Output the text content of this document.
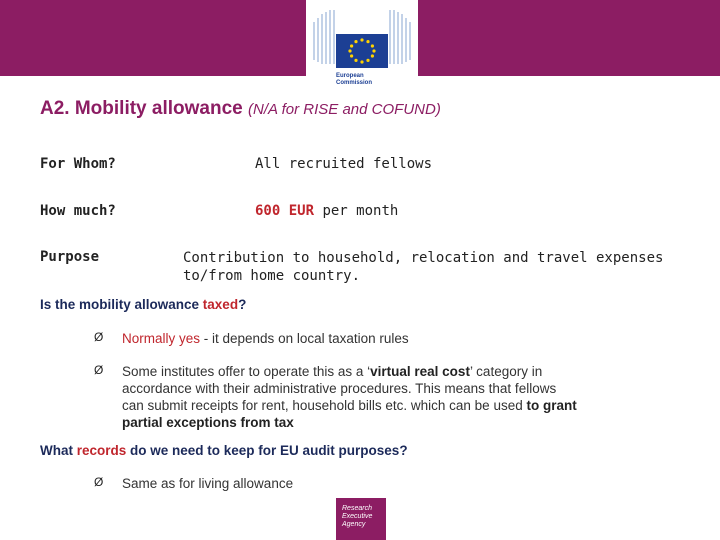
European
Commission
A2. Mobility allowance (N/A for RISE and COFUND)
For Whom?	All recruited fellows
How much?	600 EUR per month
Purpose	Contribution to household, relocation and travel expenses
to/from home country.
Is the mobility allowance taxed?
Ø Normally yes - it depends on local taxation rules
Ø Some institutes offer to operate this as a ‘virtual real cost’ category in
accordance with their administrative procedures. This means that fellows
can submit receipts for rent, household bills etc. which can be used to grant
partial exceptions from tax
What records do we need to keep for EU audit purposes?
Ø Same as for living allowance
Research
Executive
Agency
